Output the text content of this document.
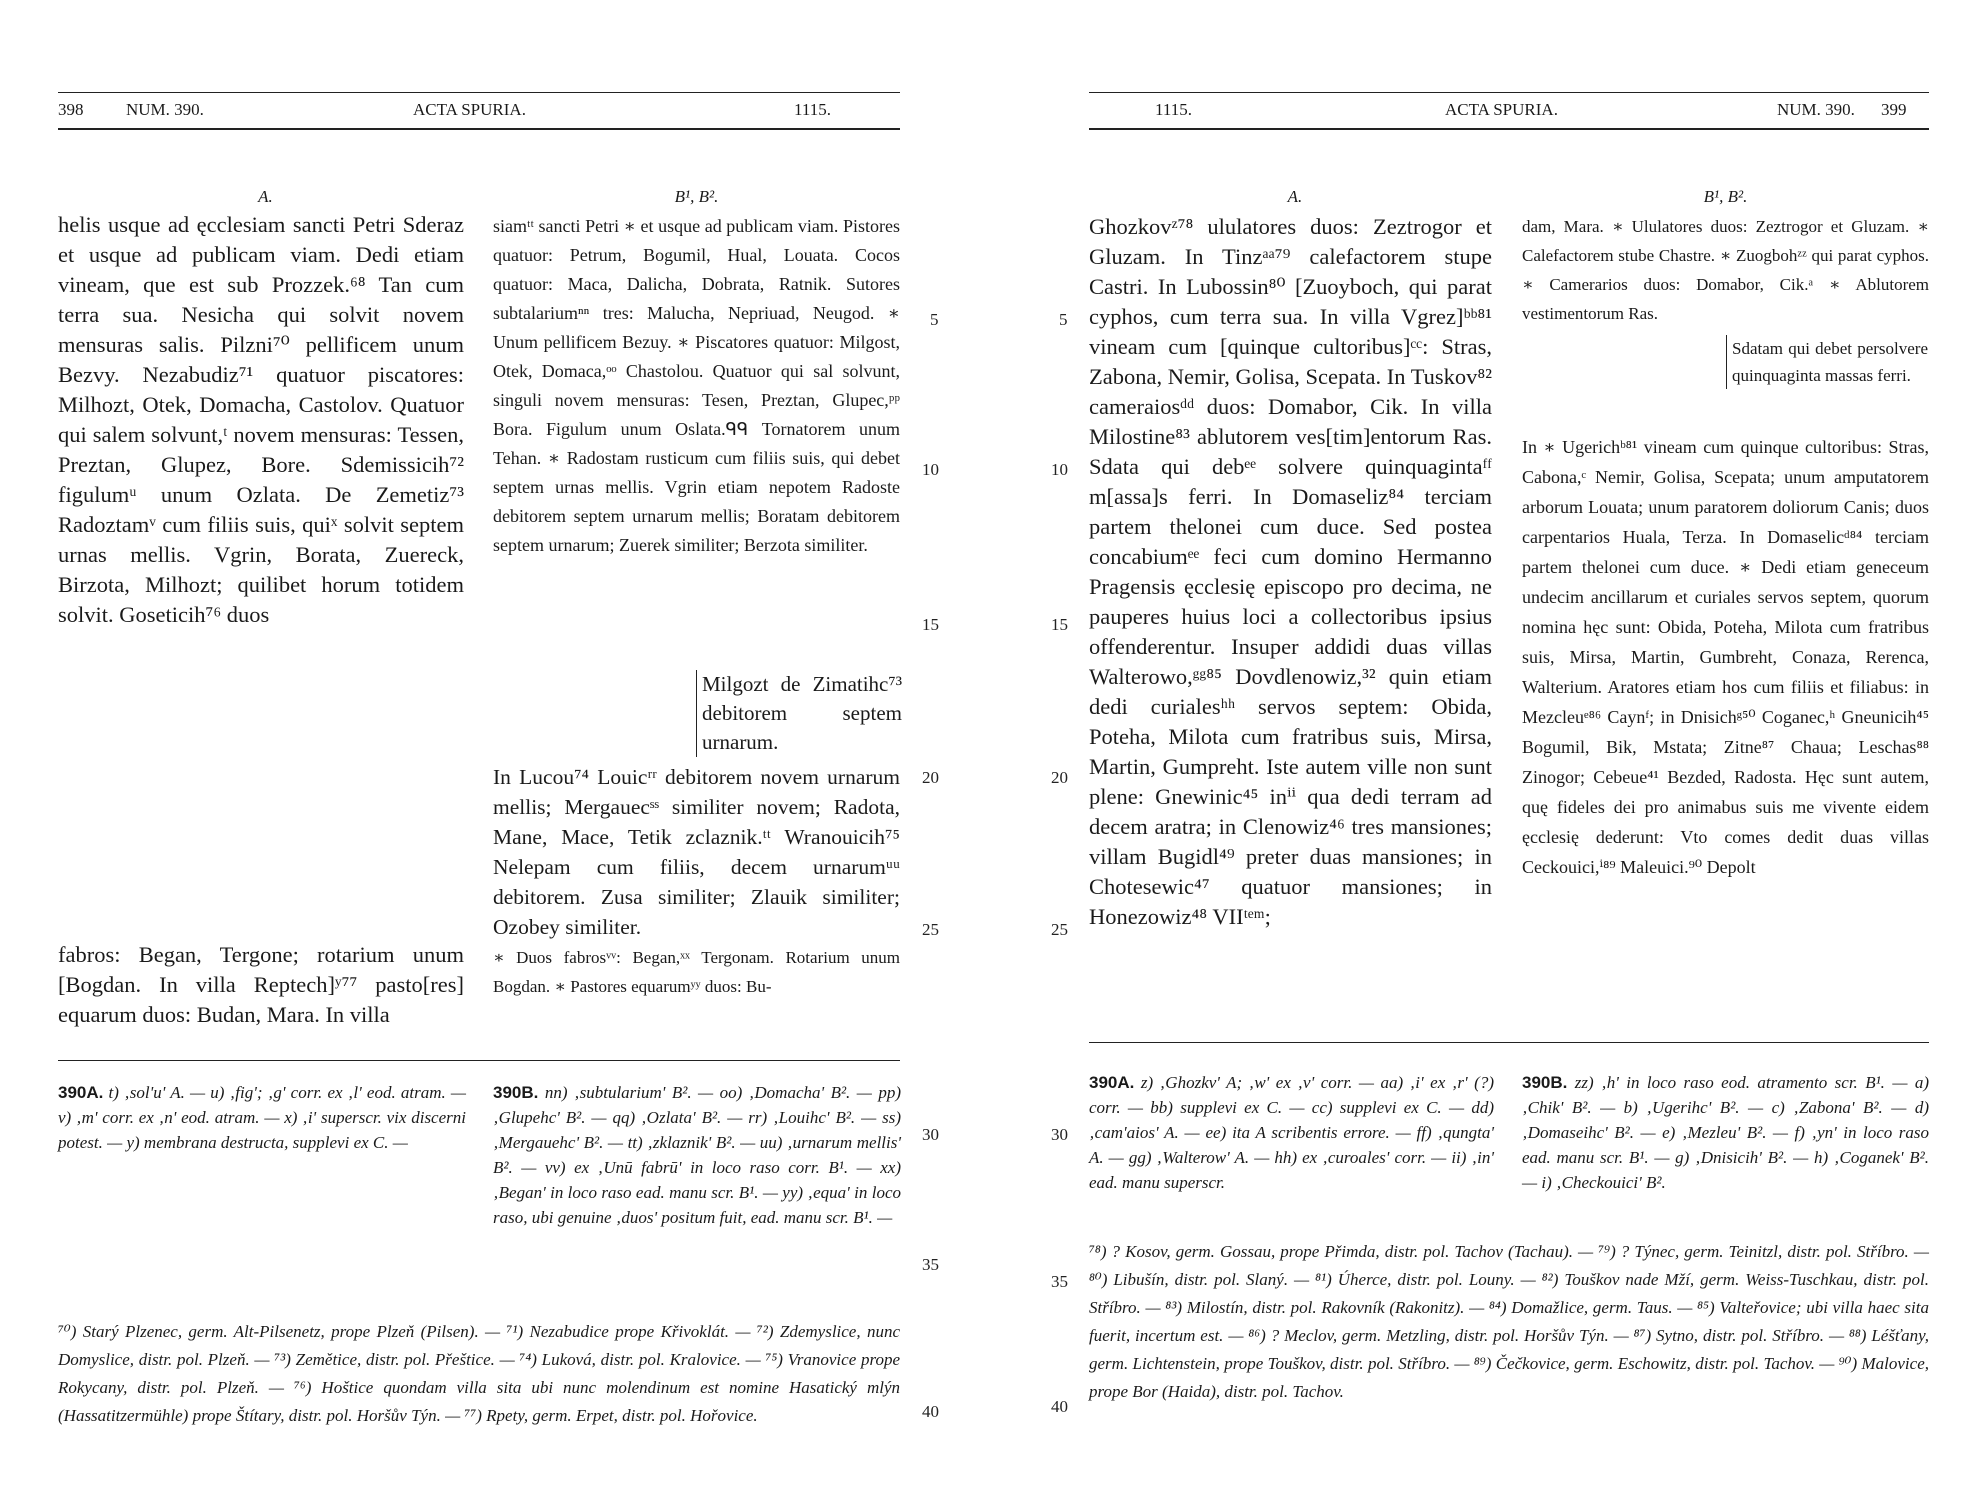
398	NUM. 390.	ACTA SPURIA.	1115.
A.	B¹, B².

helis usque ad ęcclesiam sancti Petri Sderaz et usque ad publicam viam. Dedi etiam vineam, que est sub Prozzek.⁶⁸ Tan cum terra sua. Nesicha qui solvit novem mensuras salis. Pilzni⁷⁰ pellificem unum Bezvy. Nezabudiz⁷¹ quatuor piscatores: Milhozt, Otek, Domacha, Castolov. Quatuor qui salem solvunt,ᵗ novem mensuras: Tessen, Preztan, Glupez, Bore. Sdemissicih⁷² figulumᵘ unum Ozlata. De Zemetiz⁷³ Radoztamᵛ cum filiis suis, quiˣ solvit septem urnas mellis. Vgrin, Borata, Zuereck, Birzota, Milhozt; quilibet horum totidem solvit. Goseticih⁷⁶ duos

fabros: Began, Tergone; rotarium unum [Bogdan. In villa Reptech]ʸ⁷⁷ pasto[res] equarum duos: Budan, Mara. In villa

siamᵗᵗ sancti Petri ∗ et usque ad publicam viam. Pistores quatuor: Petrum, Bogumil, Hual, Louata. Cocos quatuor: Maca, Dalicha, Dobrata, Ratnik. Sutores subtalariumⁿⁿ tres: Malucha, Nepriuad, Neugod. ∗ Unum pellificem Bezuy. ∗ Piscatores quatuor: Milgost, Otek, Domaca,ᵒᵒ Chastolou. Quatuor qui sal solvunt, singuli novem mensuras: Tesen, Preztan, Glupec,ᵖᵖ Bora. Figulum unum Oslata.ᑫᑫ Tornatorem unum Tehan. ∗ Radostam rusticum cum filiis suis, qui debet septem urnas mellis. Vgrin etiam nepotem Radoste debitorem septem urnarum mellis; Boratam debitorem septem urnarum; Zuerek similiter; Berzota similiter.

Milgozt de Zimatihc⁷³ debitorem septem urnarum.

In Lucou⁷⁴ Louicʳʳ debitorem novem urnarum mellis; Mergauecˢˢ similiter novem; Radota, Mane, Mace, Tetik zclaznik.ᵗᵗ Wranouicih⁷⁵ Nelepam cum filiis, decem urnarumᵘᵘ debitorem. Zusa similiter; Zlauik similiter; Ozobey similiter.

∗ Duos fabrosᵛᵛ: Began,ˣˣ Tergonam. Rotarium unum Bogdan. ∗ Pastores equarumʸʸ duos: Bu-

5
10
15
20
25
30
35
40
390A. t) ‚sol'u' A. — u) ‚fig'; ‚g' corr. ex ‚l' eod. atram. — v) ‚m' corr. ex ‚n' eod. atram. — x) ‚i' superscr. vix discerni potest. — y) membrana destructa, supplevi ex C. —
390B. nn) ‚subtularium' B². — oo) ‚Domacha' B². — pp) ‚Glupehc' B². — qq) ‚Ozlata' B². — rr) ‚Louihc' B². — ss) ‚Mergauehc' B². — tt) ‚zklaznik' B². — uu) ‚urnarum mellis' B². — vv) ex ‚Unū fabrū' in loco raso corr. B¹. — xx) ‚Began' in loco raso ead. manu scr. B¹. — yy) ‚equa' in loco raso, ubi genuine ‚duos' positum fuit, ead. manu scr. B¹. —
⁷⁰) Starý Plzenec, germ. Alt-Pilsenetz, prope Plzeň (Pilsen). — ⁷¹) Nezabudice prope Křivoklát. — ⁷²) Zdemyslice, nunc Domyslice, distr. pol. Plzeň. — ⁷³) Zemětice, distr. pol. Přeštice. — ⁷⁴) Luková, distr. pol. Kralovice. — ⁷⁵) Vranovice prope Rokycany, distr. pol. Plzeň. — ⁷⁶) Hoštice quondam villa sita ubi nunc molendinum est nomine Hasatický mlýn (Hassatitzermühle) prope Štítary, distr. pol. Horšův Týn. — ⁷⁷) Rpety, germ. Erpet, distr. pol. Hořovice.
1115.	ACTA SPURIA.	NUM. 390. 399
A.	B¹, B².

Ghozkovᶻ⁷⁸ ululatores duos: Zeztrogor et Gluzam. In Tinzᵃᵃ⁷⁹ calefactorem stupe Castri. In Lubossin⁸⁰ [Zuoyboch, qui parat cyphos, cum terra sua. In villa Vgrez]ᵇᵇ⁸¹ vineam cum [quinque cultoribus]ᶜᶜ: Stras, Zabona, Nemir, Golisa, Scepata. In Tuskov⁸² cameraiosᵈᵈ duos: Domabor, Cik. In villa Milostine⁸³ ablutorem ves[tim]entorum Ras. Sdata qui debᵉᵉ solvere quinquagintaᶠᶠ m[assa]s ferri. In Domaseliz⁸⁴ terciam partem thelonei cum duce. Sed postea concabiumᵉᵉ feci cum domino Hermanno Pragensis ęcclesię episcopo pro decima, ne pauperes huius loci a collectoribus ipsius offenderentur. Insuper addidi duas villas Walterowo,ᵍᵍ⁸⁵ Dovdlenowiz,³² quin etiam dedi curialesʰʰ servos septem: Obida, Poteha, Milota cum fratribus suis, Mirsa, Martin, Gumpreht. Iste autem ville non sunt plene: Gnewinic⁴⁵ inⁱⁱ qua dedi terram ad decem aratra; in Clenowiz⁴⁶ tres mansiones; villam Bugidl⁴⁹ preter duas mansiones; in Chotesewic⁴⁷ quatuor mansiones; in Honezowiz⁴⁸ VIIᵗᵉᵐ;

dam, Mara. ∗ Ululatores duos: Zeztrogor et Gluzam. ∗ Calefactorem stube Chastre. ∗ Zuogbohᶻᶻ qui parat cyphos. ∗ Camerarios duos: Domabor, Cik.ᵃ ∗ Ablutorem vestimentorum Ras.

Sdatam qui debet persolvere quinquaginta massas ferri.

In ∗ Ugerichᵇ⁸¹ vineam cum quinque cultoribus: Stras, Cabona,ᶜ Nemir, Golisa, Scepata; unum amputatorem arborum Louata; unum paratorem doliorum Canis; duos carpentarios Huala, Terza. In Domaselicᵈ⁸⁴ terciam partem thelonei cum duce. ∗ Dedi etiam geneceum undecim ancillarum et curiales servos septem, quorum nomina hęc sunt: Obida, Poteha, Milota cum fratribus suis, Mirsa, Martin, Gumbreht, Conaza, Rerenca, Walterium. Aratores etiam hos cum filiis et filiabus: in Mezcleuᵉ⁸⁶ Caynᶠ; in Dnisichᵍ⁵⁰ Coganec,ʰ Gneunicih⁴⁵ Bogumil, Bik, Mstata; Zitne⁸⁷ Chaua; Leschas⁸⁸ Zinogor; Cebeue⁴¹ Bezded, Radosta. Hęc sunt autem, quę fideles dei pro animabus suis me vivente eidem ęcclesię dederunt: Vto comes dedit duas villas Ceckouici,ⁱ⁸⁹ Maleuici.⁹⁰ Depolt

5
10
15
20
25
30
35
40
390A. z) ‚Ghozkv' A; ‚w' ex ‚v' corr. — aa) ‚i' ex ‚r' (?) corr. — bb) supplevi ex C. — cc) supplevi ex C. — dd) ‚cam'aios' A. — ee) ita A scribentis errore. — ff) ‚qungta' A. — gg) ‚Walterow' A. — hh) ex ‚curoales' corr. — ii) ‚in' ead. manu superscr.
390B. zz) ‚h' in loco raso eod. atramento scr. B¹. — a) ‚Chik' B². — b) ‚Ugerihc' B². — c) ‚Zabona' B². — d) ‚Domaseihc' B². — e) ‚Mezleu' B². — f) ‚yn' in loco raso ead. manu scr. B¹. — g) ‚Dnisicih' B². — h) ‚Coganek' B². — i) ‚Checkouici' B².
⁷⁸) ? Kosov, germ. Gossau, prope Přimda, distr. pol. Tachov (Tachau). — ⁷⁹) ? Týnec, germ. Teinitzl, distr. pol. Stříbro. — ⁸⁰) Libušín, distr. pol. Slaný. — ⁸¹) Úherce, distr. pol. Louny. — ⁸²) Touškov nade Mží, germ. Weiss-Tuschkau, distr. pol. Stříbro. — ⁸³) Milostín, distr. pol. Rakovník (Rakonitz). — ⁸⁴) Domažlice, germ. Taus. — ⁸⁵) Valteřovice; ubi villa haec sita fuerit, incertum est. — ⁸⁶) ? Meclov, germ. Metzling, distr. pol. Horšův Týn. — ⁸⁷) Sytno, distr. pol. Stříbro. — ⁸⁸) Léšťany, germ. Lichtenstein, prope Touškov, distr. pol. Stříbro. — ⁸⁹) Čečkovice, germ. Eschowitz, distr. pol. Tachov. — ⁹⁰) Malovice, prope Bor (Haida), distr. pol. Tachov.
